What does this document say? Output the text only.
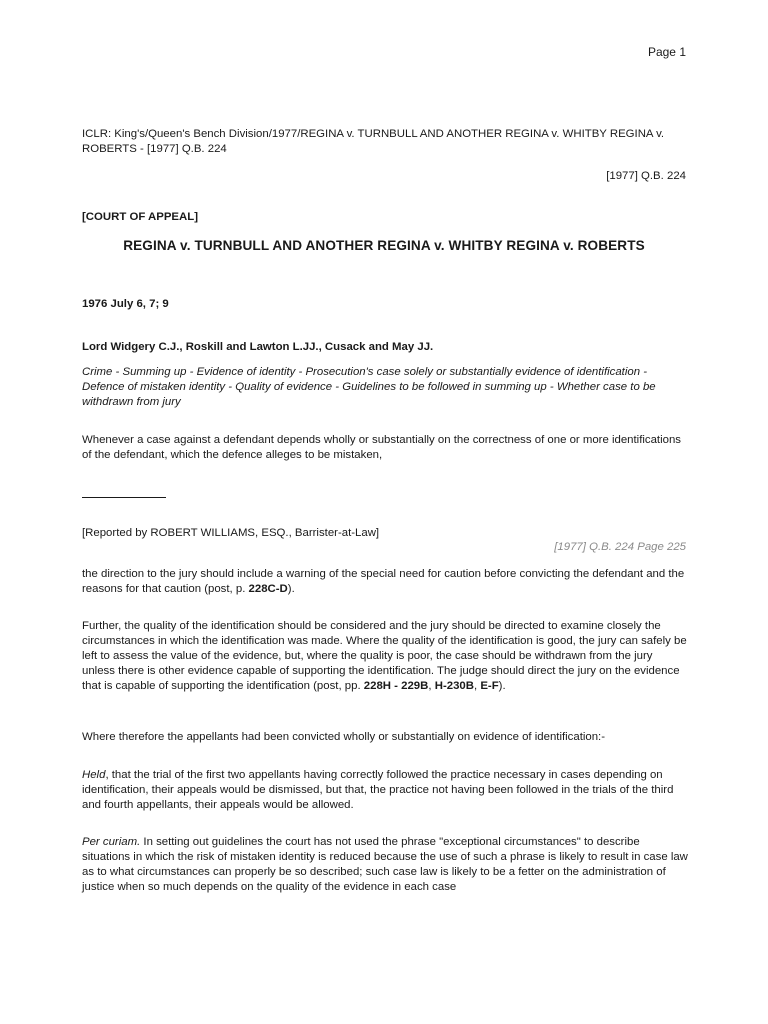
Page 1
ICLR: King's/Queen's Bench Division/1977/REGINA v. TURNBULL AND ANOTHER REGINA v. WHITBY REGINA v. ROBERTS - [1977] Q.B. 224
[1977] Q.B. 224
[COURT OF APPEAL]
REGINA v. TURNBULL AND ANOTHER REGINA v. WHITBY REGINA v. ROBERTS
1976 July 6, 7; 9
Lord Widgery C.J., Roskill and Lawton L.JJ., Cusack and May JJ.
Crime - Summing up - Evidence of identity - Prosecution's case solely or substantially evidence of identification - Defence of mistaken identity - Quality of evidence - Guidelines to be followed in summing up - Whether case to be withdrawn from jury
Whenever a case against a defendant depends wholly or substantially on the correctness of one or more identifications of the defendant, which the defence alleges to be mistaken,
[Reported by ROBERT WILLIAMS, ESQ., Barrister-at-Law]
[1977] Q.B. 224 Page 225
the direction to the jury should include a warning of the special need for caution before convicting the defendant and the reasons for that caution (post, p. 228C-D).
Further, the quality of the identification should be considered and the jury should be directed to examine closely the circumstances in which the identification was made. Where the quality of the identification is good, the jury can safely be left to assess the value of the evidence, but, where the quality is poor, the case should be withdrawn from the jury unless there is other evidence capable of supporting the identification. The judge should direct the jury on the evidence that is capable of supporting the identification (post, pp. 228H - 229B, H-230B, E-F).
Where therefore the appellants had been convicted wholly or substantially on evidence of identification:-
Held, that the trial of the first two appellants having correctly followed the practice necessary in cases depending on identification, their appeals would be dismissed, but that, the practice not having been followed in the trials of the third and fourth appellants, their appeals would be allowed.
Per curiam. In setting out guidelines the court has not used the phrase "exceptional circumstances" to describe situations in which the risk of mistaken identity is reduced because the use of such a phrase is likely to result in case law as to what circumstances can properly be so described; such case law is likely to be a fetter on the administration of justice when so much depends on the quality of the evidence in each case
